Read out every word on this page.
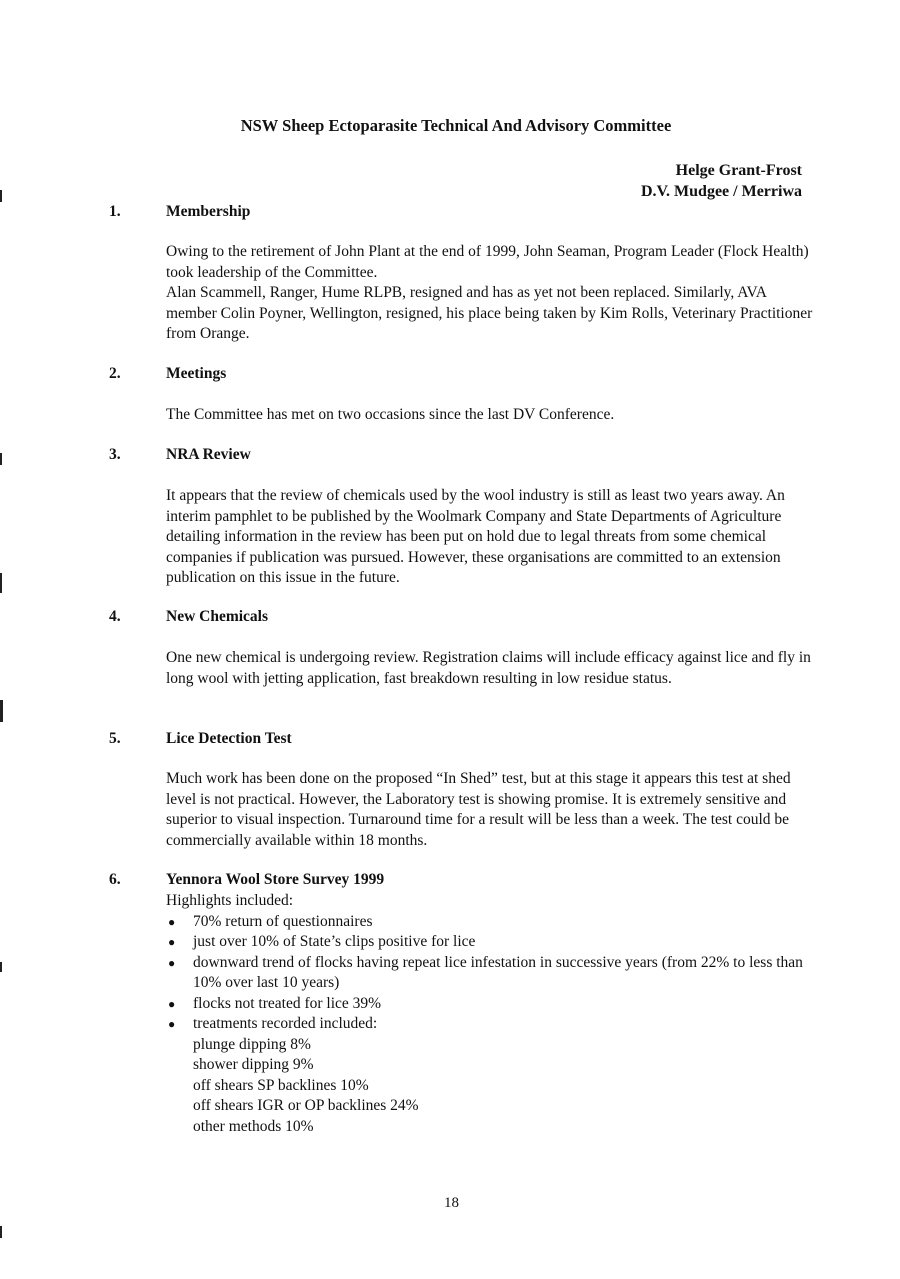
NSW Sheep Ectoparasite Technical And Advisory Committee
Helge Grant-Frost
D.V. Mudgee / Merriwa
1.	Membership

Owing to the retirement of John Plant at the end of 1999, John Seaman, Program Leader (Flock Health) took leadership of the Committee.

Alan Scammell, Ranger, Hume RLPB, resigned and has as yet not been replaced. Similarly, AVA member Colin Poyner, Wellington, resigned, his place being taken by Kim Rolls, Veterinary Practitioner from Orange.

2.	Meetings

The Committee has met on two occasions since the last DV Conference.

3.	NRA Review

It appears that the review of chemicals used by the wool industry is still as least two years away. An interim pamphlet to be published by the Woolmark Company and State Departments of Agriculture detailing information in the review has been put on hold due to legal threats from some chemical companies if publication was pursued. However, these organisations are committed to an extension publication on this issue in the future.

4.	New Chemicals

One new chemical is undergoing review. Registration claims will include efficacy against lice and fly in long wool with jetting application, fast breakdown resulting in low residue status.

5.	Lice Detection Test

Much work has been done on the proposed “In Shed” test, but at this stage it appears this test at shed level is not practical. However, the Laboratory test is showing promise. It is extremely sensitive and superior to visual inspection. Turnaround time for a result will be less than a week. The test could be commercially available within 18 months.

6.	Yennora Wool Store Survey 1999

Highlights included:

● 70% return of questionnaires
● just over 10% of State’s clips positive for lice
● downward trend of flocks having repeat lice infestation in successive years (from 22% to less than 10% over last 10 years)
● flocks not treated for lice 39%
● treatments recorded included:
plunge dipping 8%
shower dipping 9%
off shears SP backlines 10%
off shears IGR or OP backlines 24%
other methods 10%
18
